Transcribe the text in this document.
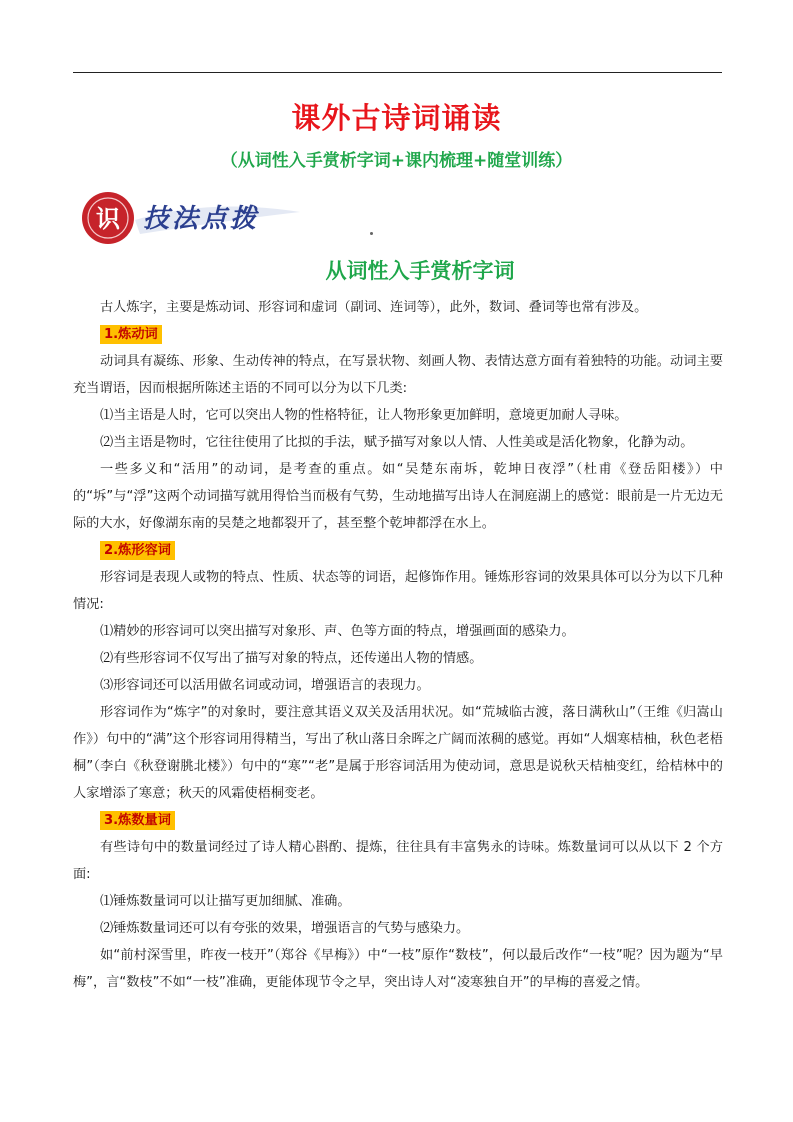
课外古诗词诵读
（从词性入手赏析字词+课内梳理+随堂训练）
识 技法点拨
从词性入手赏析字词

古人炼字，主要是炼动词、形容词和虚词（副词、连词等），此外，数词、叠词等也常有涉及。

1.炼动词

动词具有凝练、形象、生动传神的特点，在写景状物、刻画人物、表情达意方面有着独特的功能。动词主要充当谓语，因而根据所陈述主语的不同可以分为以下几类:

⑴当主语是人时，它可以突出人物的性格特征，让人物形象更加鲜明，意境更加耐人寻味。

⑵当主语是物时，它往往使用了比拟的手法，赋予描写对象以人情、人性美或是活化物象，化静为动。

一些多义和“活用”的动词，是考查的重点。如“吴楚东南坼，乾坤日夜浮”（杜甫《登岳阳楼》）中的“坼”与“浮”这两个动词描写就用得恰当而极有气势，生动地描写出诗人在洞庭湖上的感觉：眼前是一片无边无际的大水，好像湖东南的吴楚之地都裂开了，甚至整个乾坤都浮在水上。

2.炼形容词

形容词是表现人或物的特点、性质、状态等的词语，起修饰作用。锤炼形容词的效果具体可以分为以下几种情况:

⑴精妙的形容词可以突出描写对象形、声、色等方面的特点，增强画面的感染力。

⑵有些形容词不仅写出了描写对象的特点，还传递出人物的情感。

⑶形容词还可以活用做名词或动词，增强语言的表现力。

形容词作为“炼字”的对象时，要注意其语义双关及活用状况。如“荒城临古渡，落日满秋山”（王维《归嵩山作》）句中的“满”这个形容词用得精当，写出了秋山落日余晖之广阔而浓稠的感觉。再如“人烟寒桔柚，秋色老梧桐”（李白《秋登谢朓北楼》）句中的“寒”“老”是属于形容词活用为使动词，意思是说秋天桔柚变红，给桔林中的人家增添了寒意；秋天的风霜使梧桐变老。

3.炼数量词

有些诗句中的数量词经过了诗人精心斟酌、提炼，往往具有丰富隽永的诗味。炼数量词可以从以下 2 个方面:

⑴锤炼数量词可以让描写更加细腻、准确。

⑵锤炼数量词还可以有夸张的效果，增强语言的气势与感染力。

如“前村深雪里，昨夜一枝开”（郑谷《早梅》）中“一枝”原作“数枝”，何以最后改作“一枝”呢？因为题为“早梅”，言“数枝”不如“一枝”准确，更能体现节令之早，突出诗人对“凌寒独自开”的早梅的喜爱之情。
